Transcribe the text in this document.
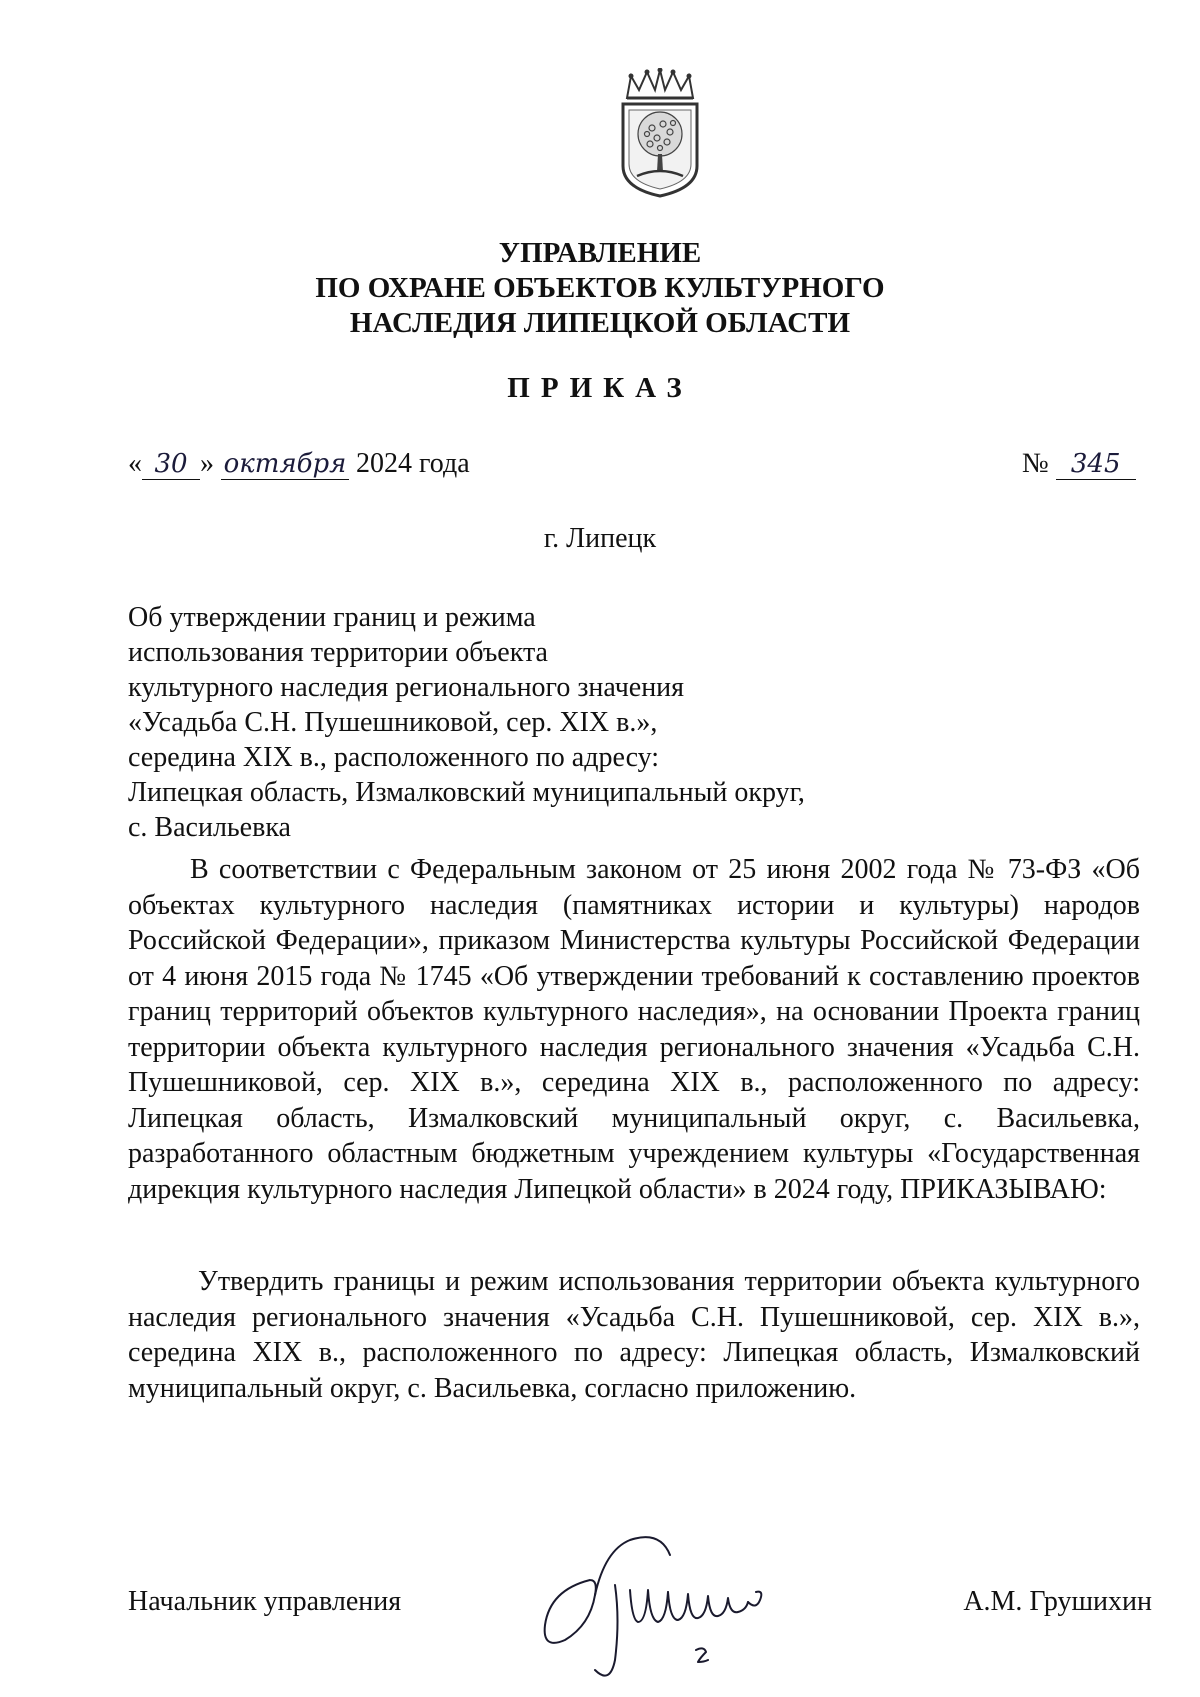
УПРАВЛЕНИЕ
ПО ОХРАНЕ ОБЪЕКТОВ КУЛЬТУРНОГО
НАСЛЕДИЯ ЛИПЕЦКОЙ ОБЛАСТИ
ПРИКАЗ
« 30 » октября 2024 года	№ 345
г. Липецк
Об утверждении границ и режима
использования территории объекта
культурного наследия регионального значения
«Усадьба С.Н. Пушешниковой, сер. XIX в.»,
середина XIX в., расположенного по адресу:
Липецкая область, Измалковский муниципальный округ,
с. Васильевка

В соответствии с Федеральным законом от 25 июня 2002 года № 73-ФЗ «Об объектах культурного наследия (памятниках истории и культуры) народов Российской Федерации», приказом Министерства культуры Российской Федерации от 4 июня 2015 года № 1745 «Об утверждении требований к составлению проектов границ территорий объектов культурного наследия», на основании Проекта границ территории объекта культурного наследия регионального значения «Усадьба С.Н. Пушешниковой, сер. XIX в.», середина XIX в., расположенного по адресу: Липецкая область, Измалковский муниципальный округ, с. Васильевка, разработанного областным бюджетным учреждением культуры «Государственная дирекция культурного наследия Липецкой области» в 2024 году, ПРИКАЗЫВАЮ:

Утвердить границы и режим использования территории объекта культурного наследия регионального значения «Усадьба С.Н. Пушешниковой, сер. XIX в.», середина XIX в., расположенного по адресу: Липецкая область, Измалковский муниципальный округ, с. Васильевка, согласно приложению.

Начальник управления	А.М. Грушихин
